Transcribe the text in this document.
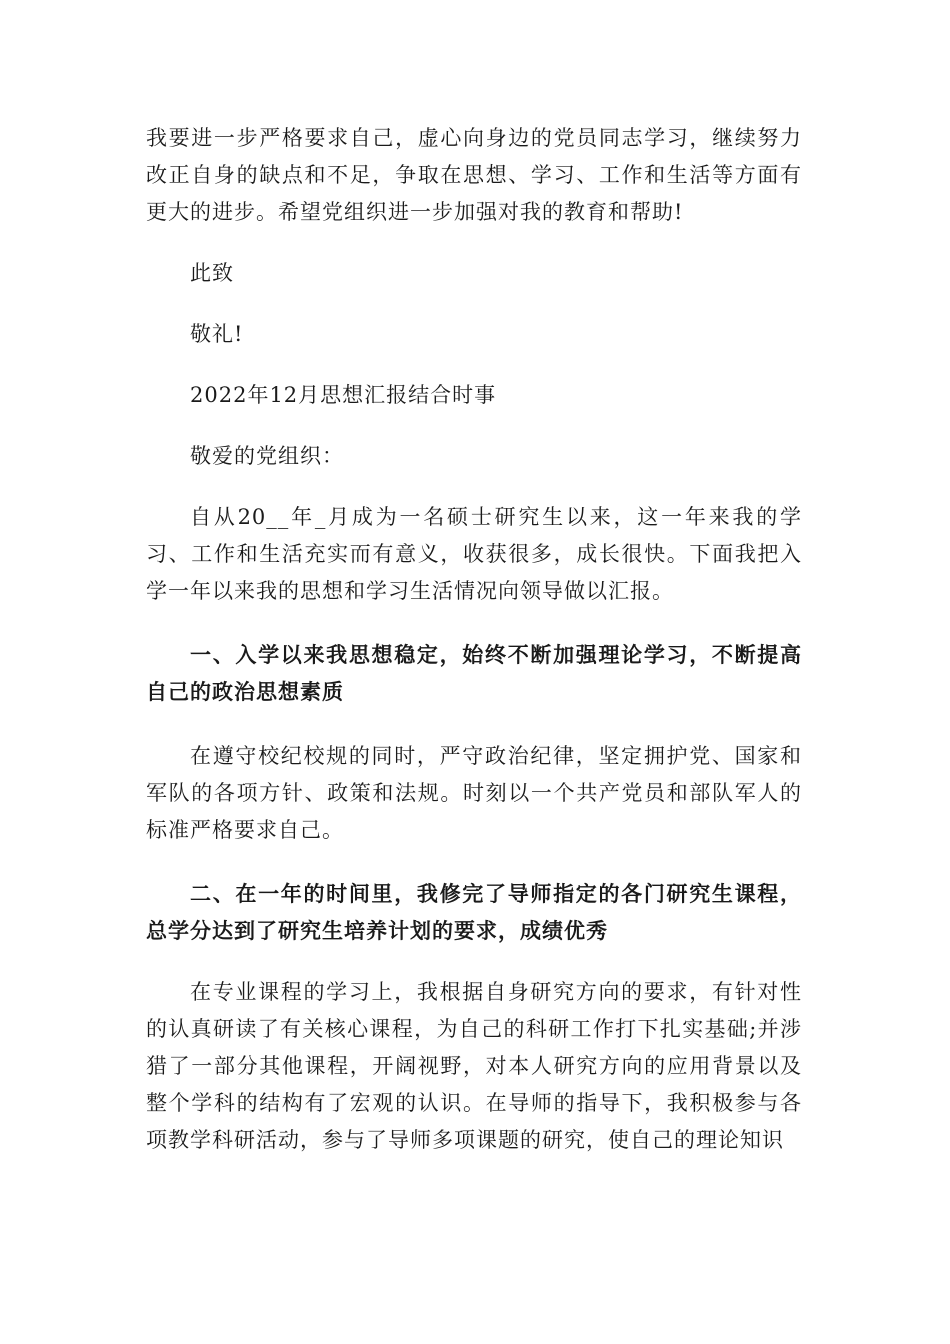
我要进一步严格要求自己，虚心向身边的党员同志学习，继续努力改正自身的缺点和不足，争取在思想、学习、工作和生活等方面有更大的进步。希望党组织进一步加强对我的教育和帮助!

此致

敬礼!

2022年12月思想汇报结合时事

敬爱的党组织：

自从20__年_月成为一名硕士研究生以来，这一年来我的学习、工作和生活充实而有意义，收获很多，成长很快。下面我把入学一年以来我的思想和学习生活情况向领导做以汇报。

一、入学以来我思想稳定，始终不断加强理论学习，不断提高自己的政治思想素质

在遵守校纪校规的同时，严守政治纪律，坚定拥护党、国家和军队的各项方针、政策和法规。时刻以一个共产党员和部队军人的标准严格要求自己。

二、在一年的时间里，我修完了导师指定的各门研究生课程，总学分达到了研究生培养计划的要求，成绩优秀

在专业课程的学习上，我根据自身研究方向的要求，有针对性的认真研读了有关核心课程，为自己的科研工作打下扎实基础;并涉猎了一部分其他课程，开阔视野，对本人研究方向的应用背景以及整个学科的结构有了宏观的认识。在导师的指导下，我积极参与各项教学科研活动，参与了导师多项课题的研究，使自己的理论知识
